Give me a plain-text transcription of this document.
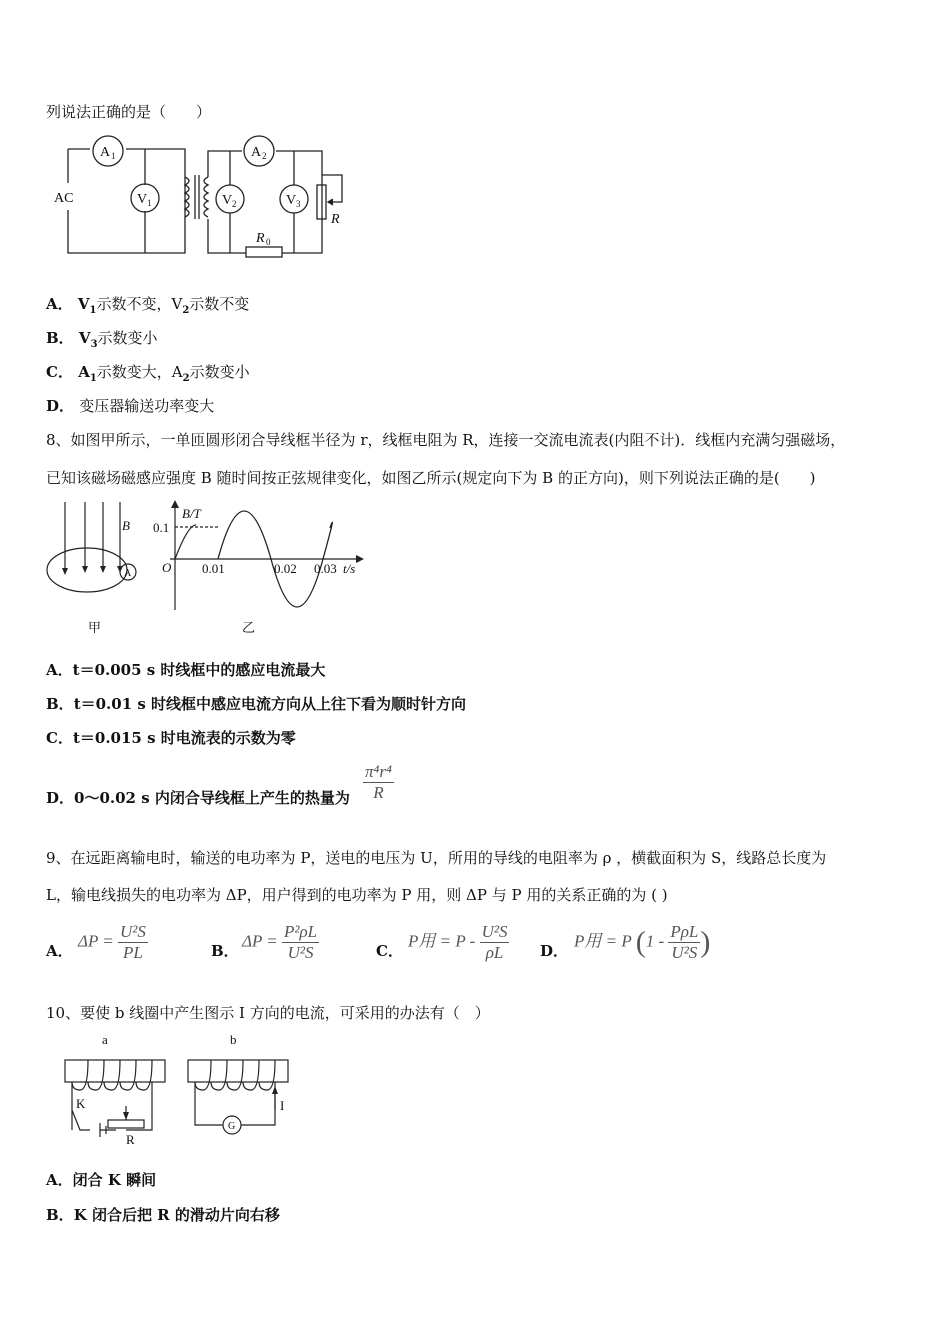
列说法正确的是（　　）
AC
A 1
V 1
A 2
V 2	V 3
R 0
R
A． $V_1$示数不变，$V_2$示数不变
B． $V_3$示数变小
C． $A_1$示数变大，$A_2$示数变小
D． 变压器输送功率变大
8、如图甲所示，一单匝圆形闭合导线框半径为 r，线框电阻为 R，连接一交流电流表(内阻不计)．线框内充满匀强磁场，
已知该磁场磁感应强度 B 随时间按正弦规律变化，如图乙所示(规定向下为 B 的正方向)，则下列说法正确的是(　　)
B
A
甲	乙
B/T
t/s
O
0.1
0.01	0.02 0.03
A．t＝0.005 s 时线框中的感应电流最大
B．t＝0.01 s 时线框中感应电流方向从上往下看为顺时针方向
C．t＝0.015 s 时电流表的示数为零
D．0～0.02 s 内闭合导线框上产生的热量为 $\frac{\text{π⁴r⁴}}{R}$
9、在远距离输电时，输送的电功率为 P，送电的电压为 U，所用的导线的电阻率为 ρ ，横截面积为 S，线路总长度为
L，输电线损失的电功率为 ΔP，用户得到的电功率为 P 用，则 ΔP 与 P 用的关系正确的为 ( )
A．
$\Delta P = \frac{\text{U²S}}{PL}$	B．
$\Delta P = \frac{\text{P²ρL}}{\text{U²S}}$	C．
P用 = P - $\frac{\text{U²S}}{\rho L}$ D．
P用 = P ($1 - \frac{\text{PρL}}{\text{U²S}}$ )
10、要使 b 线圈中产生图示 I 方向的电流，可采用的办法有（　）
a	b
K
R
I
G
A．闭合 K 瞬间
B．K 闭合后把 R 的滑动片向右移
